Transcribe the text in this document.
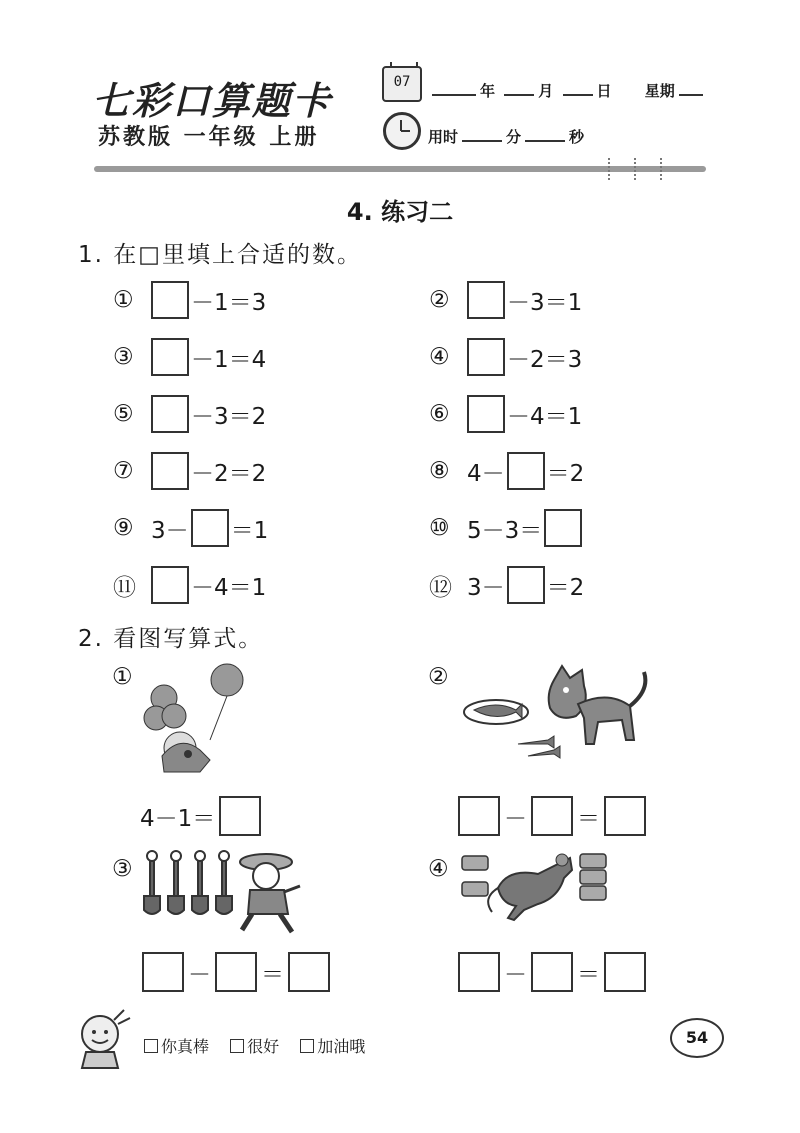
七彩口算题卡
苏教版 一年级 上册
07	年	月	日 星期
用时	分	秒
4. 练习二
1. 在□里填上合适的数。
①	－1＝3	②	－3＝1
③	－1＝4	④	－2＝3
⑤	－3＝2	⑥	－4＝1
⑦	－2＝2	⑧ 4－ ＝2
⑨ 3－ ＝1	⑩ 5－3＝
⑪	－4＝1	⑫ 3－ ＝2
2. 看图写算式。
①
4－1＝
②
－ ＝
③
－ ＝
④
－ ＝
你真棒 很好 加油哦	54
